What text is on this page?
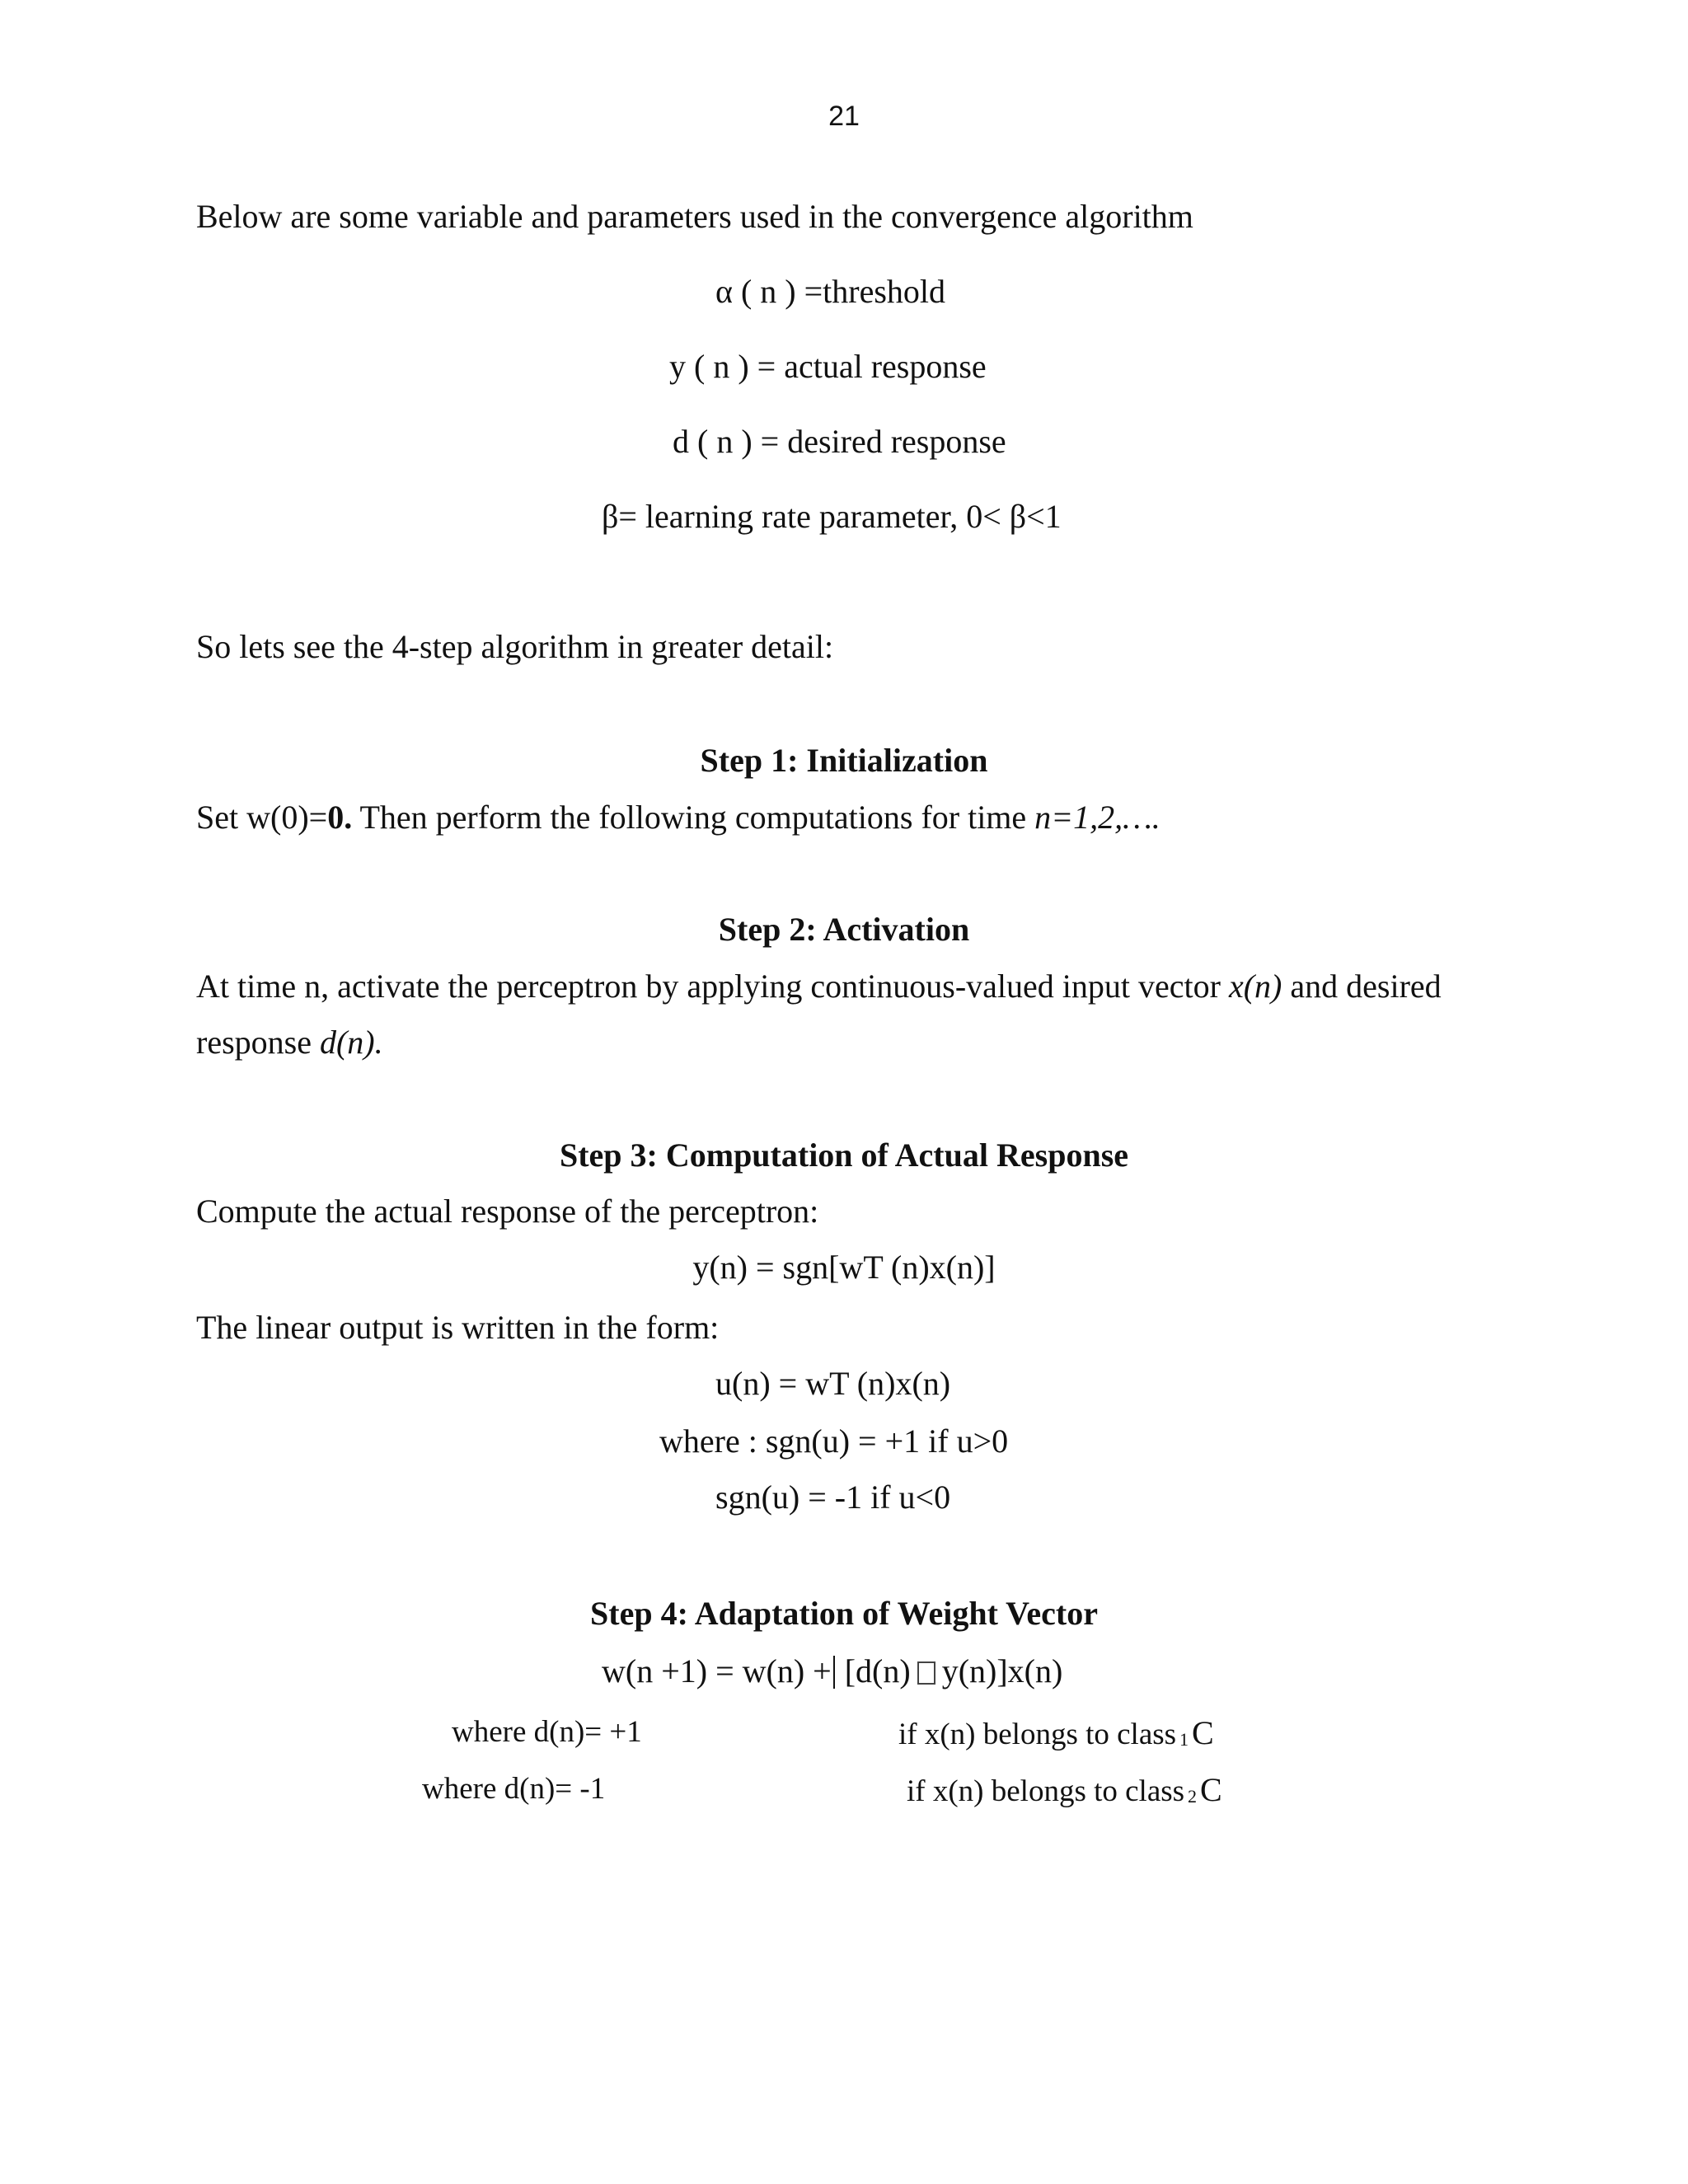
21
Below are some variable and parameters used in the convergence algorithm
α ( n ) =threshold
y ( n ) = actual response
d ( n ) = desired response
β= learning rate parameter, 0< β<1
So lets see the 4-step algorithm in greater detail:
Step 1: Initialization
Set w(0)=0. Then perform the following computations for time n=1,2,….
Step 2: Activation
At time n, activate the perceptron by applying continuous-valued input vector x(n) and desired
response d(n).
Step 3: Computation of Actual Response
Compute the actual response of the perceptron:
y(n) = sgn[wT (n)x(n)]
The linear output is written in the form:
u(n) = wT (n)x(n)
where : sgn(u) = +1 if u>0
sgn(u) = -1 if u<0
Step 4: Adaptation of Weight Vector
w(n +1) = w(n) + [d(n) y(n)]x(n)
where d(n)= +1	if x(n) belongs to class 1 C
where d(n)= -1	if x(n) belongs to class 2 C
